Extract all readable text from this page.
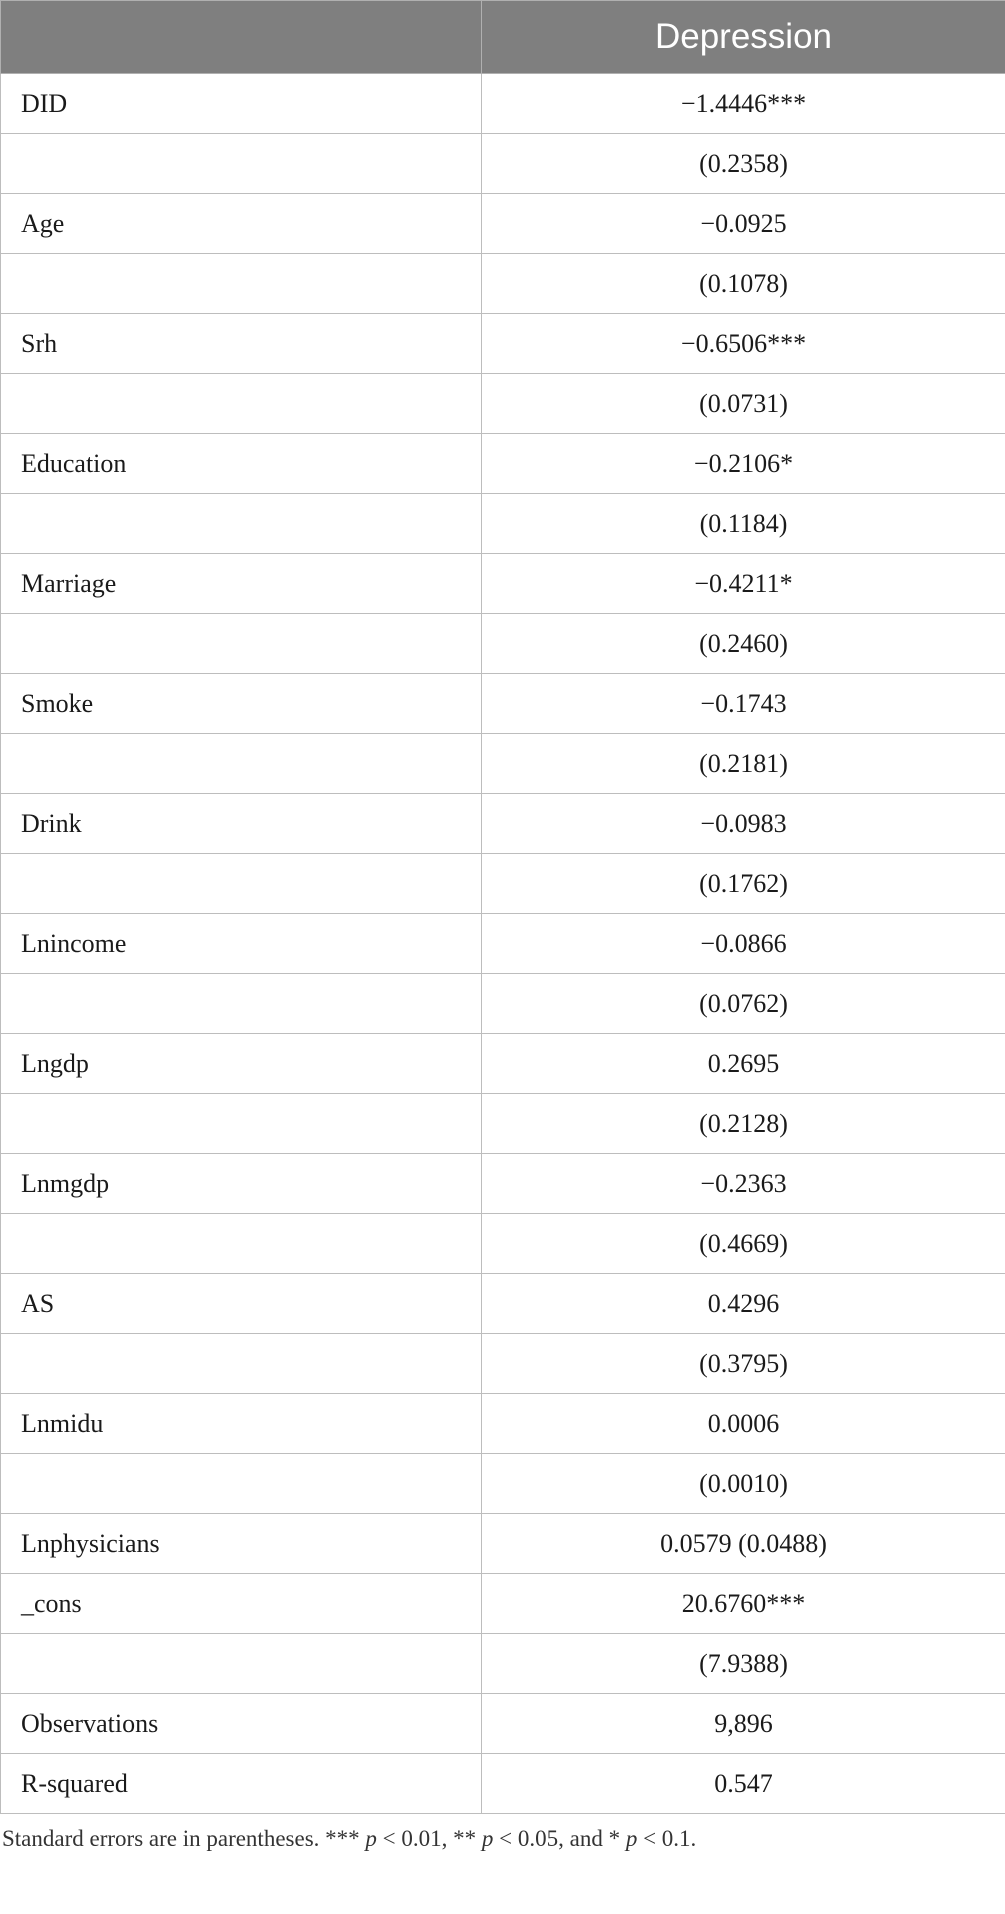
	Depression
DID	−1.4446***
	(0.2358)
Age	−0.0925
	(0.1078)
Srh	−0.6506***
	(0.0731)
Education	−0.2106*
	(0.1184)
Marriage	−0.4211*
	(0.2460)
Smoke	−0.1743
	(0.2181)
Drink	−0.0983
	(0.1762)
Lnincome	−0.0866
	(0.0762)
Lngdp	0.2695
	(0.2128)
Lnmgdp	−0.2363
	(0.4669)
AS	0.4296
	(0.3795)
Lnmidu	0.0006
	(0.0010)
Lnphysicians	0.0579 (0.0488)
_cons	20.6760***
	(7.9388)
Observations	9,896
R-squared	0.547
Standard errors are in parentheses. *** p < 0.01, ** p < 0.05, and * p < 0.1.
